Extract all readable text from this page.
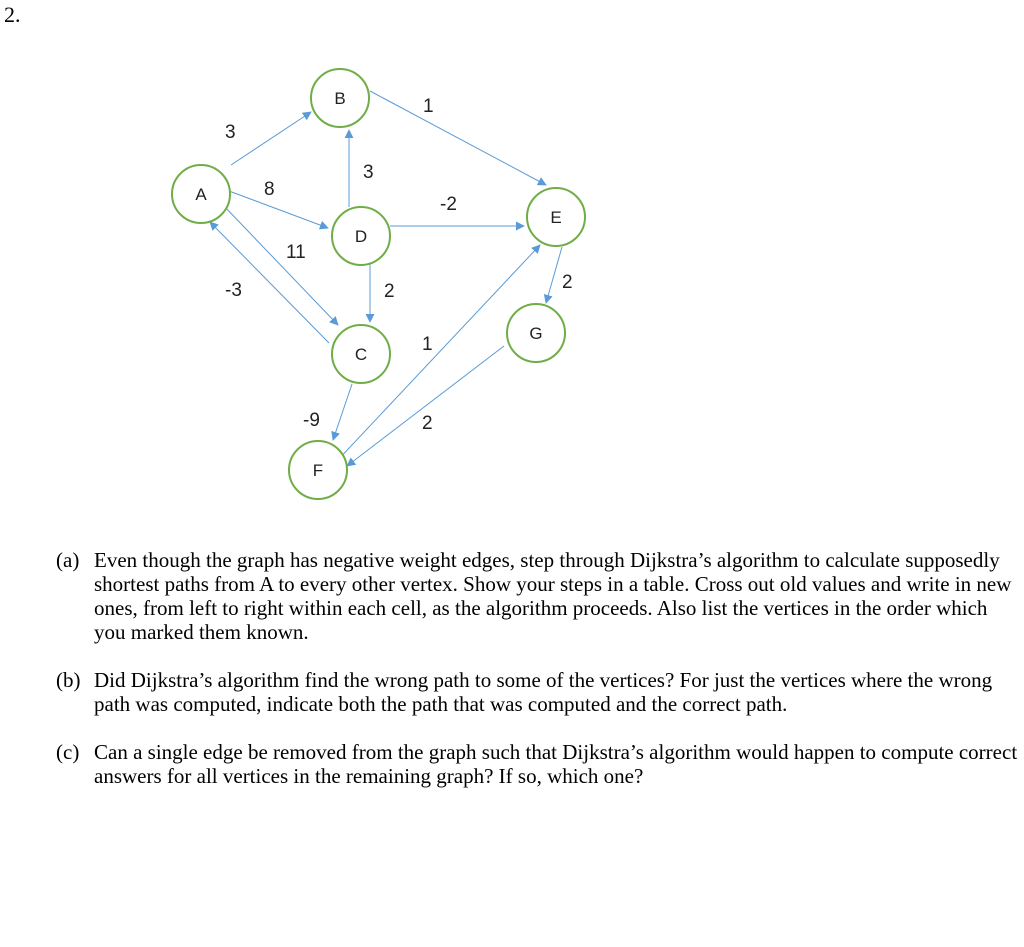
2.
3
1
8
11
-3
3
-2
2	2
1
-9	2
A
B
D
E
C
G
F
(a) Even though the graph has negative weight edges, step through Dijkstra’s algorithm to calculate supposedly shortest paths from A to every other vertex. Show your steps in a table. Cross out old values and write in new ones, from left to right within each cell, as the algorithm proceeds. Also list the vertices in the order which you marked them known.
(b) Did Dijkstra’s algorithm find the wrong path to some of the vertices? For just the vertices where the wrong path was computed, indicate both the path that was computed and the correct path.
(c) Can a single edge be removed from the graph such that Dijkstra’s algorithm would happen to compute correct answers for all vertices in the remaining graph? If so, which one?
